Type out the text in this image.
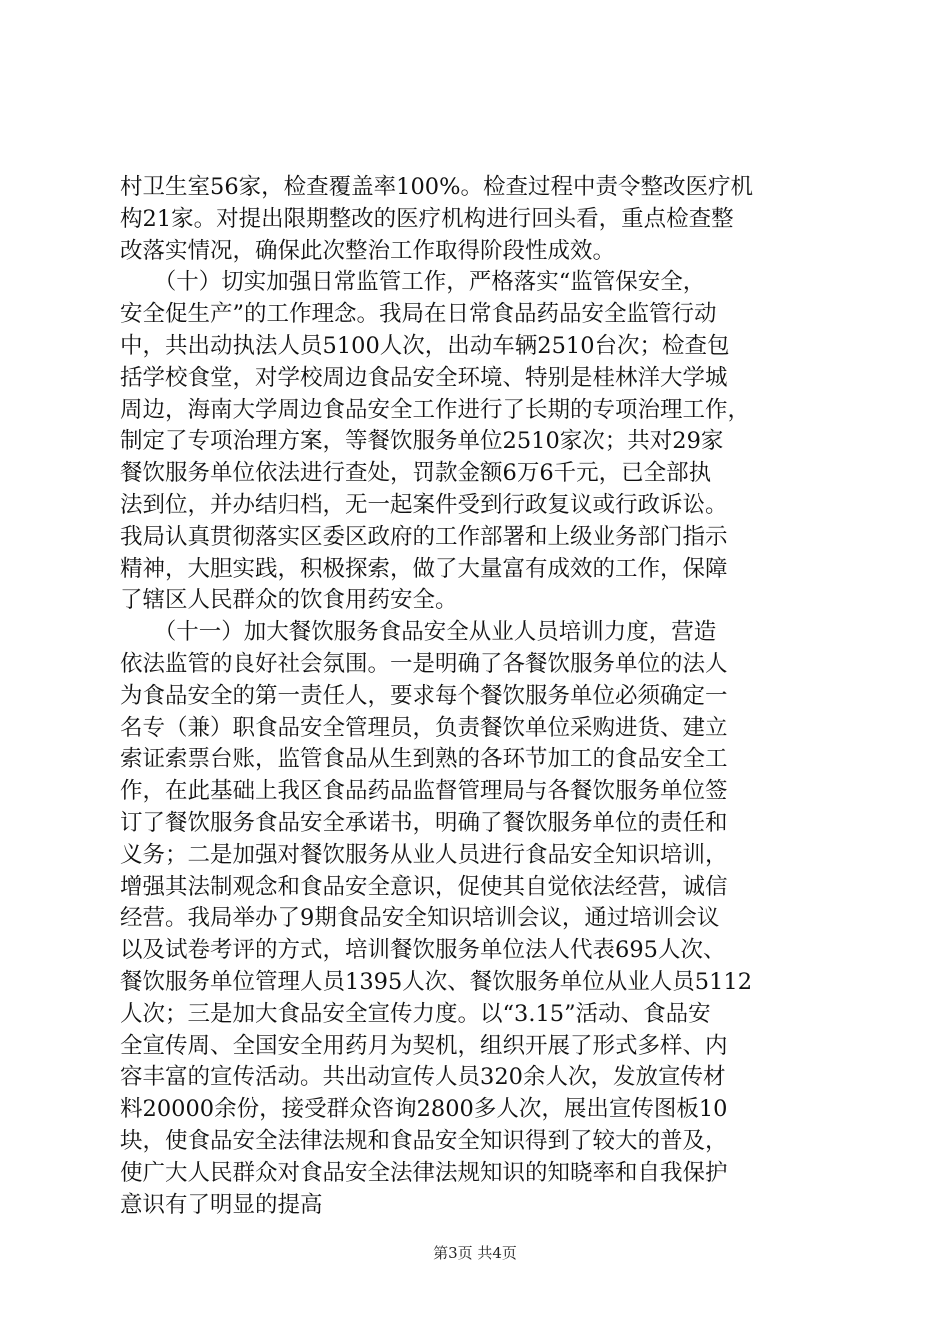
村卫生室56家，检查覆盖率100%。检查过程中责令整改医疗机
构21家。对提出限期整改的医疗机构进行回头看，重点检查整
改落实情况，确保此次整治工作取得阶段性成效。
　　（十）切实加强日常监管工作，严格落实“监管保安全，
安全促生产”的工作理念。我局在日常食品药品安全监管行动
中，共出动执法人员5100人次，出动车辆2510台次；检查包
括学校食堂，对学校周边食品安全环境、特别是桂林洋大学城
周边，海南大学周边食品安全工作进行了长期的专项治理工作，
制定了专项治理方案，等餐饮服务单位2510家次；共对29家
餐饮服务单位依法进行查处，罚款金额6万6千元，已全部执
法到位，并办结归档，无一起案件受到行政复议或行政诉讼。
我局认真贯彻落实区委区政府的工作部署和上级业务部门指示
精神，大胆实践，积极探索，做了大量富有成效的工作，保障
了辖区人民群众的饮食用药安全。
　　（十一）加大餐饮服务食品安全从业人员培训力度，营造
依法监管的良好社会氛围。一是明确了各餐饮服务单位的法人
为食品安全的第一责任人，要求每个餐饮服务单位必须确定一
名专（兼）职食品安全管理员，负责餐饮单位采购进货、建立
索证索票台账，监管食品从生到熟的各环节加工的食品安全工
作，在此基础上我区食品药品监督管理局与各餐饮服务单位签
订了餐饮服务食品安全承诺书，明确了餐饮服务单位的责任和
义务；二是加强对餐饮服务从业人员进行食品安全知识培训，
增强其法制观念和食品安全意识，促使其自觉依法经营，诚信
经营。我局举办了9期食品安全知识培训会议，通过培训会议
以及试卷考评的方式，培训餐饮服务单位法人代表695人次、
餐饮服务单位管理人员1395人次、餐饮服务单位从业人员5112
人次；三是加大食品安全宣传力度。以“3.15”活动、食品安
全宣传周、全国安全用药月为契机，组织开展了形式多样、内
容丰富的宣传活动。共出动宣传人员320余人次，发放宣传材
料20000余份，接受群众咨询2800多人次，展出宣传图板10
块，使食品安全法律法规和食品安全知识得到了较大的普及，
使广大人民群众对食品安全法律法规知识的知晓率和自我保护
意识有了明显的提高
第3页 共4页
